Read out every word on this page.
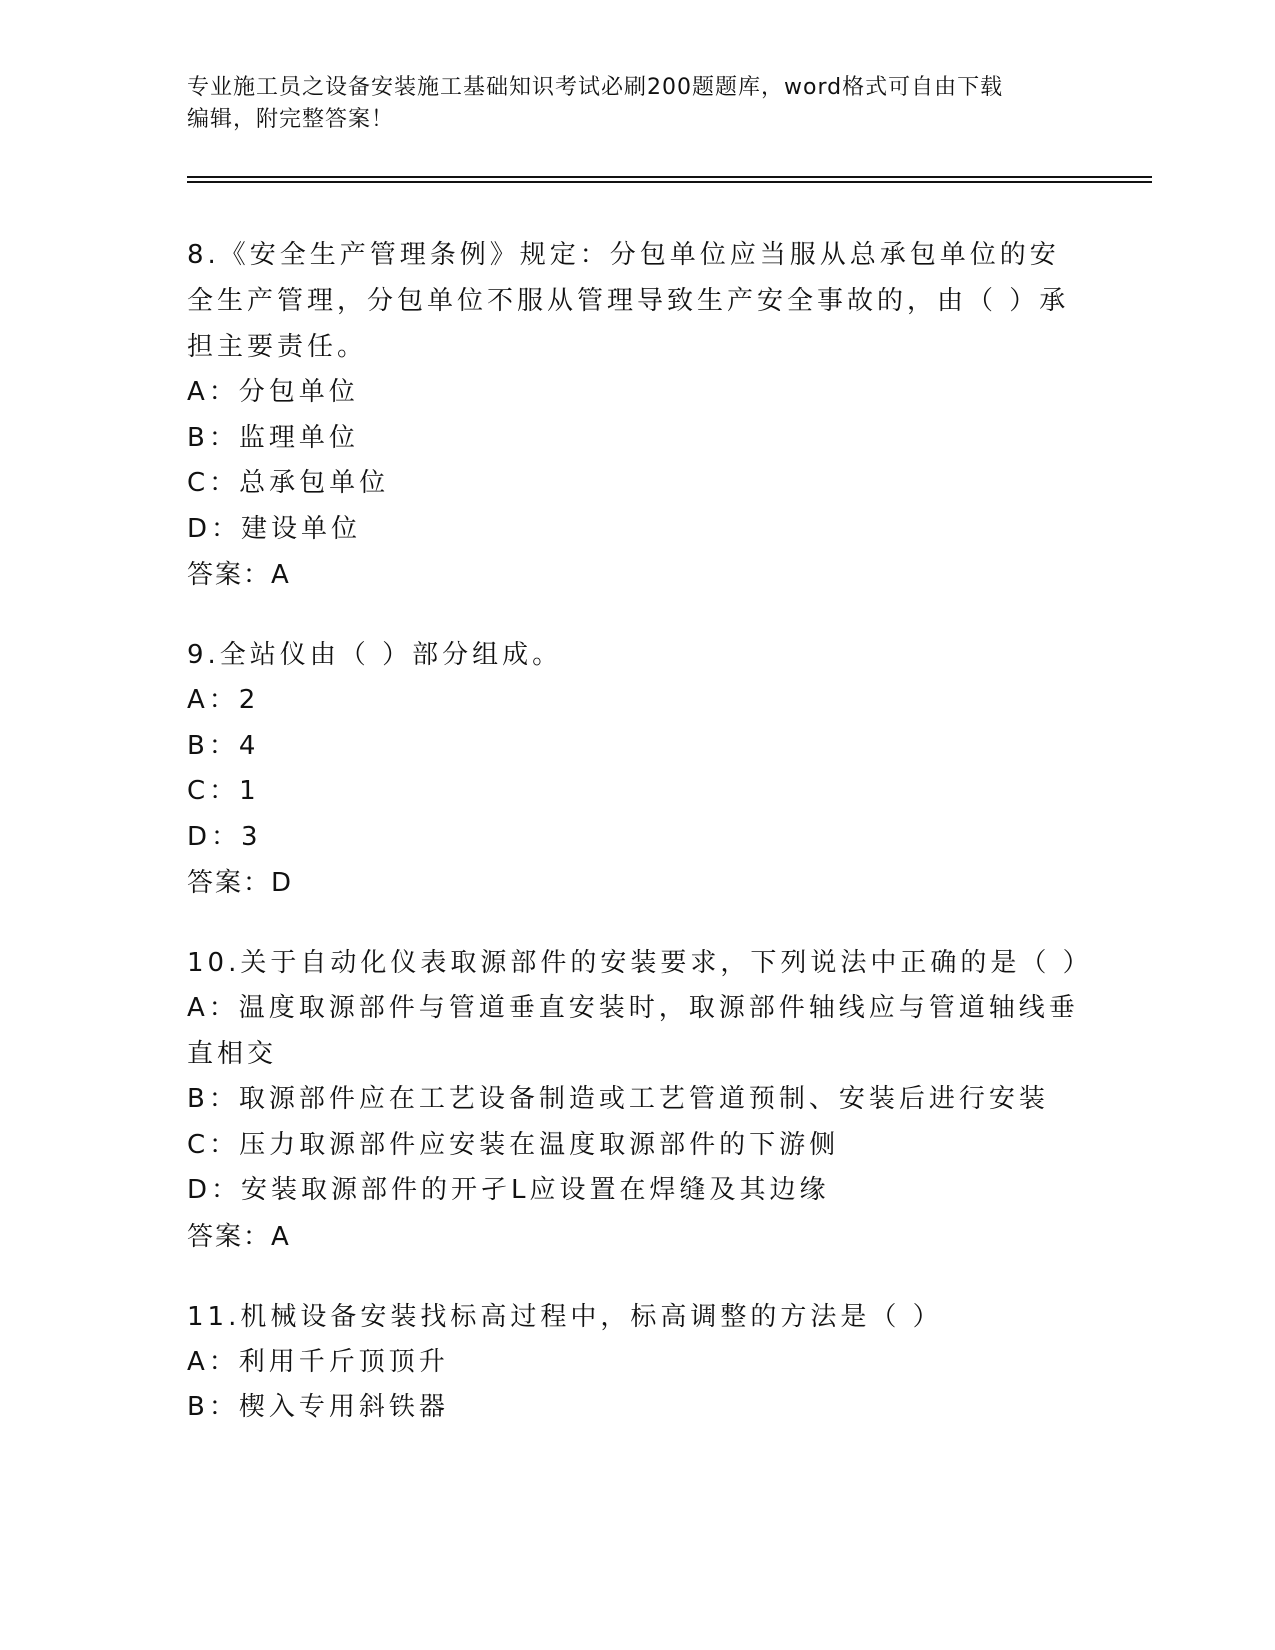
专业施工员之设备安装施工基础知识考试必刷200题题库，word格式可自由下载
编辑，附完整答案！
8.《安全生产管理条例》规定：分包单位应当服从总承包单位的安全生产管理，分包单位不服从管理导致生产安全事故的，由（ ）承担主要责任。
A：分包单位
B：监理单位
C：总承包单位
D：建设单位
答案：A
9.全站仪由（ ）部分组成。
A：2
B：4
C：1
D：3
答案：D
10.关于自动化仪表取源部件的安装要求，下列说法中正确的是（ ）
A：温度取源部件与管道垂直安装时，取源部件轴线应与管道轴线垂直相交
B：取源部件应在工艺设备制造或工艺管道预制、安装后进行安装
C：压力取源部件应安装在温度取源部件的下游侧
D：安装取源部件的开孑L应设置在焊缝及其边缘
答案：A
11.机械设备安装找标高过程中，标高调整的方法是（ ）
A：利用千斤顶顶升
B：楔入专用斜铁器
